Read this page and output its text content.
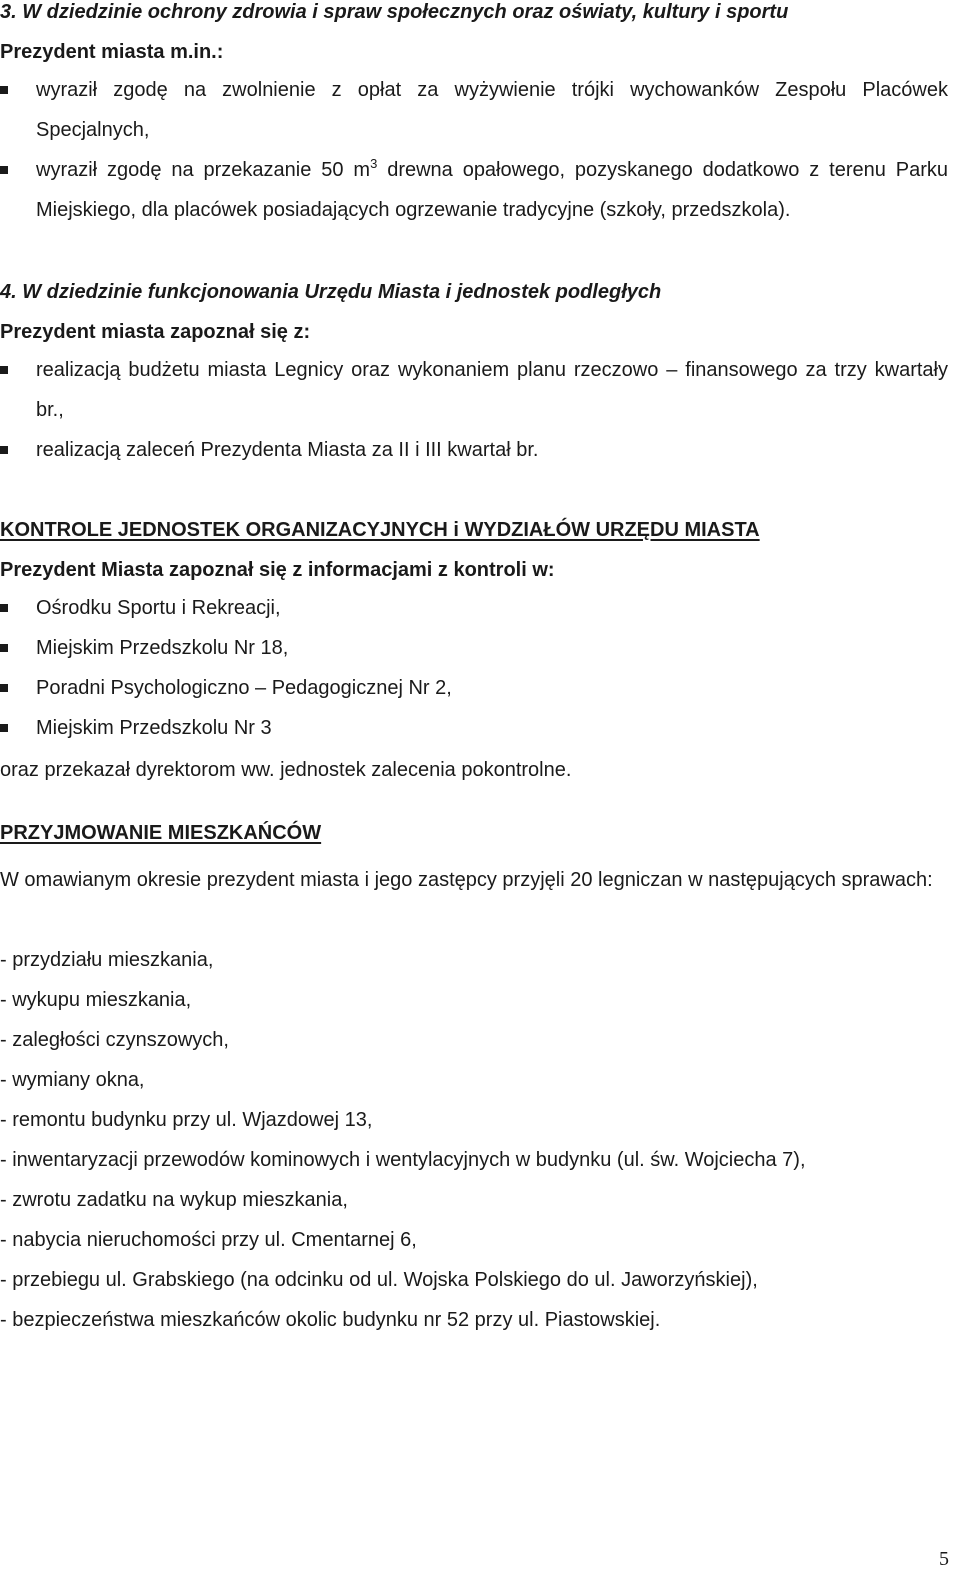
3. W dziedzinie ochrony zdrowia i spraw społecznych oraz oświaty, kultury i sportu
Prezydent miasta m.in.:
wyraził zgodę na zwolnienie z opłat za wyżywienie trójki wychowanków Zespołu Placówek Specjalnych,
wyraził zgodę na przekazanie 50 $m^3$ drewna opałowego, pozyskanego dodatkowo z terenu Parku Miejskiego, dla placówek posiadających ogrzewanie tradycyjne (szkoły, przedszkola).
4. W dziedzinie funkcjonowania Urzędu Miasta i jednostek podległych
Prezydent miasta zapoznał się z:
realizacją budżetu miasta Legnicy oraz wykonaniem planu rzeczowo – finansowego za trzy kwartały br.,
realizacją zaleceń Prezydenta Miasta za II i III kwartał br.
KONTROLE JEDNOSTEK ORGANIZACYJNYCH i WYDZIAŁÓW URZĘDU MIASTA
Prezydent Miasta zapoznał się z informacjami z kontroli w:
Ośrodku Sportu i Rekreacji,
Miejskim Przedszkolu Nr 18,
Poradni Psychologiczno – Pedagogicznej Nr 2,
Miejskim Przedszkolu Nr 3
oraz przekazał dyrektorom ww. jednostek zalecenia pokontrolne.
PRZYJMOWANIE MIESZKAŃCÓW
W omawianym okresie prezydent miasta i jego zastępcy przyjęli 20 legniczan w następujących sprawach:
- przydziału mieszkania,
- wykupu mieszkania,
- zaległości czynszowych,
- wymiany okna,
- remontu budynku przy ul. Wjazdowej 13,
- inwentaryzacji przewodów kominowych i wentylacyjnych w budynku (ul. św. Wojciecha 7),
- zwrotu zadatku na wykup mieszkania,
- nabycia nieruchomości przy ul. Cmentarnej 6,
- przebiegu ul. Grabskiego (na odcinku od ul. Wojska Polskiego do ul. Jaworzyńskiej),
- bezpieczeństwa mieszkańców okolic budynku nr 52 przy ul. Piastowskiej.
5
